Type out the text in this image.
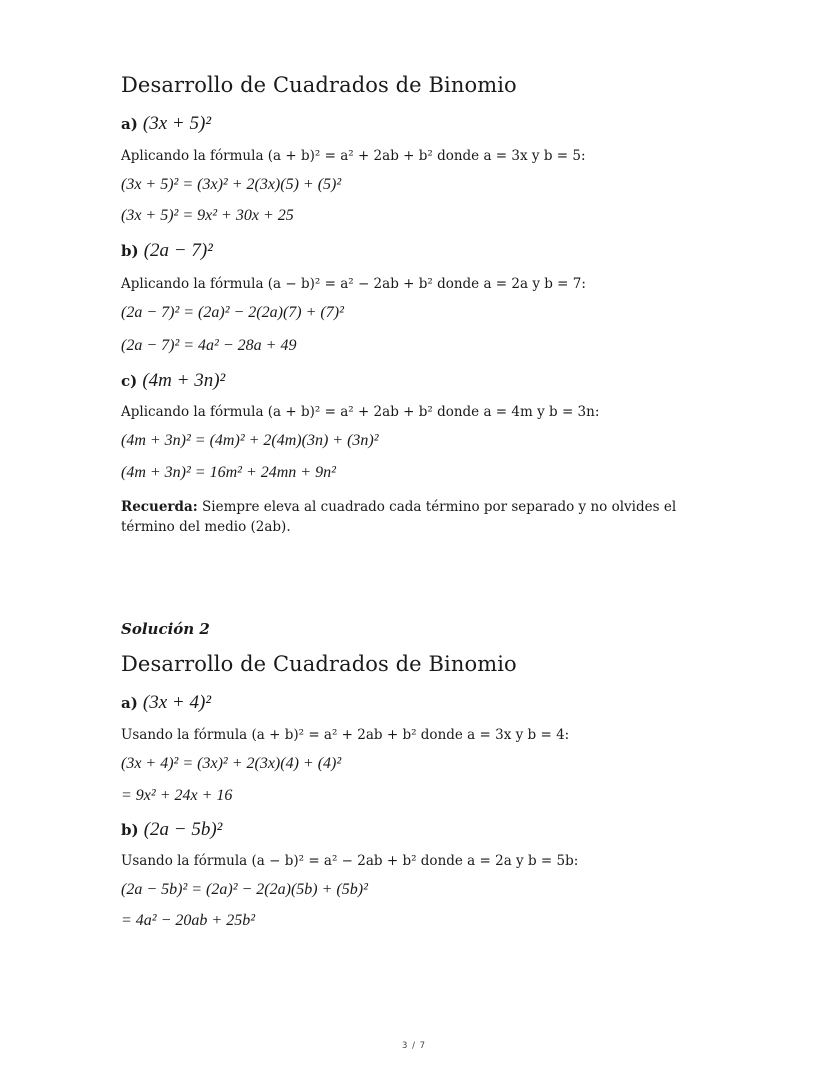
Desarrollo de Cuadrados de Binomio
a) (3x + 5)²
Aplicando la fórmula (a + b)² = a² + 2ab + b² donde a = 3x y b = 5:
(3x + 5)² = (3x)² + 2(3x)(5) + (5)²
(3x + 5)² = 9x² + 30x + 25
b) (2a − 7)²
Aplicando la fórmula (a − b)² = a² − 2ab + b² donde a = 2a y b = 7:
(2a − 7)² = (2a)² − 2(2a)(7) + (7)²
(2a − 7)² = 4a² − 28a + 49
c) (4m + 3n)²
Aplicando la fórmula (a + b)² = a² + 2ab + b² donde a = 4m y b = 3n:
(4m + 3n)² = (4m)² + 2(4m)(3n) + (3n)²
(4m + 3n)² = 16m² + 24mn + 9n²
Recuerda: Siempre eleva al cuadrado cada término por separado y no olvides el término del medio (2ab).
Solución 2
Desarrollo de Cuadrados de Binomio
a) (3x + 4)²
Usando la fórmula (a + b)² = a² + 2ab + b² donde a = 3x y b = 4:
(3x + 4)² = (3x)² + 2(3x)(4) + (4)²
= 9x² + 24x + 16
b) (2a − 5b)²
Usando la fórmula (a − b)² = a² − 2ab + b² donde a = 2a y b = 5b:
(2a − 5b)² = (2a)² − 2(2a)(5b) + (5b)²
= 4a² − 20ab + 25b²
3 / 7
